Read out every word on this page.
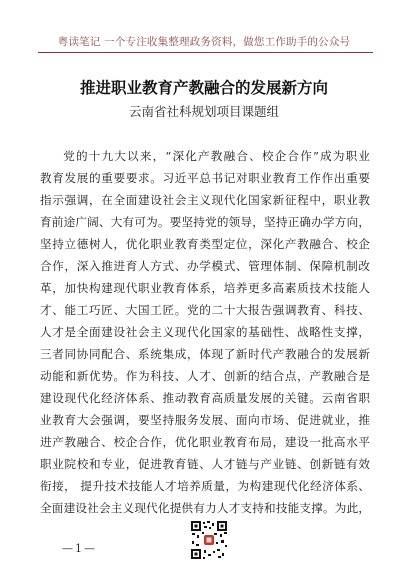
粤读笔记 一个专注收集整理政务资料，做您工作助手的公众号
推进职业教育产教融合的发展新方向
云南省社科规划项目课题组
党的十九大以来，“深化产教融合、校企合作”成为职业
教育发展的重要要求。习近平总书记对职业教育工作作出重要
指示强调，在全面建设社会主义现代化国家新征程中，职业教
育前途广阔、大有可为。要坚持党的领导，坚持正确办学方向，
坚持立德树人，优化职业教育类型定位，深化产教融合、校企
合作，深入推进育人方式、办学模式、管理体制、保障机制改
革，加快构建现代职业教育体系，培养更多高素质技术技能人
才、能工巧匠、大国工匠。党的二十大报告强调教育、科技、
人才是全面建设社会主义现代化国家的基础性、战略性支撑，
三者同协同配合、系统集成，体现了新时代产教融合的发展新
动能和新优势。作为科技、人才、创新的结合点，产教融合是
建设现代化经济体系、推动教育高质量发展的关键。云南省职
业教育大会强调，要坚持服务发展、面向市场、促进就业，推
进产教融合、校企合作，优化职业教育布局，建设一批高水平
职业院校和专业，促进教育链、人才链与产业链、创新链有效
衔接， 提升技术技能人才培养质量，为构建现代化经济体系、
全面建设社会主义现代化提供有力人才支持和技能支撑。为此，
—1—
